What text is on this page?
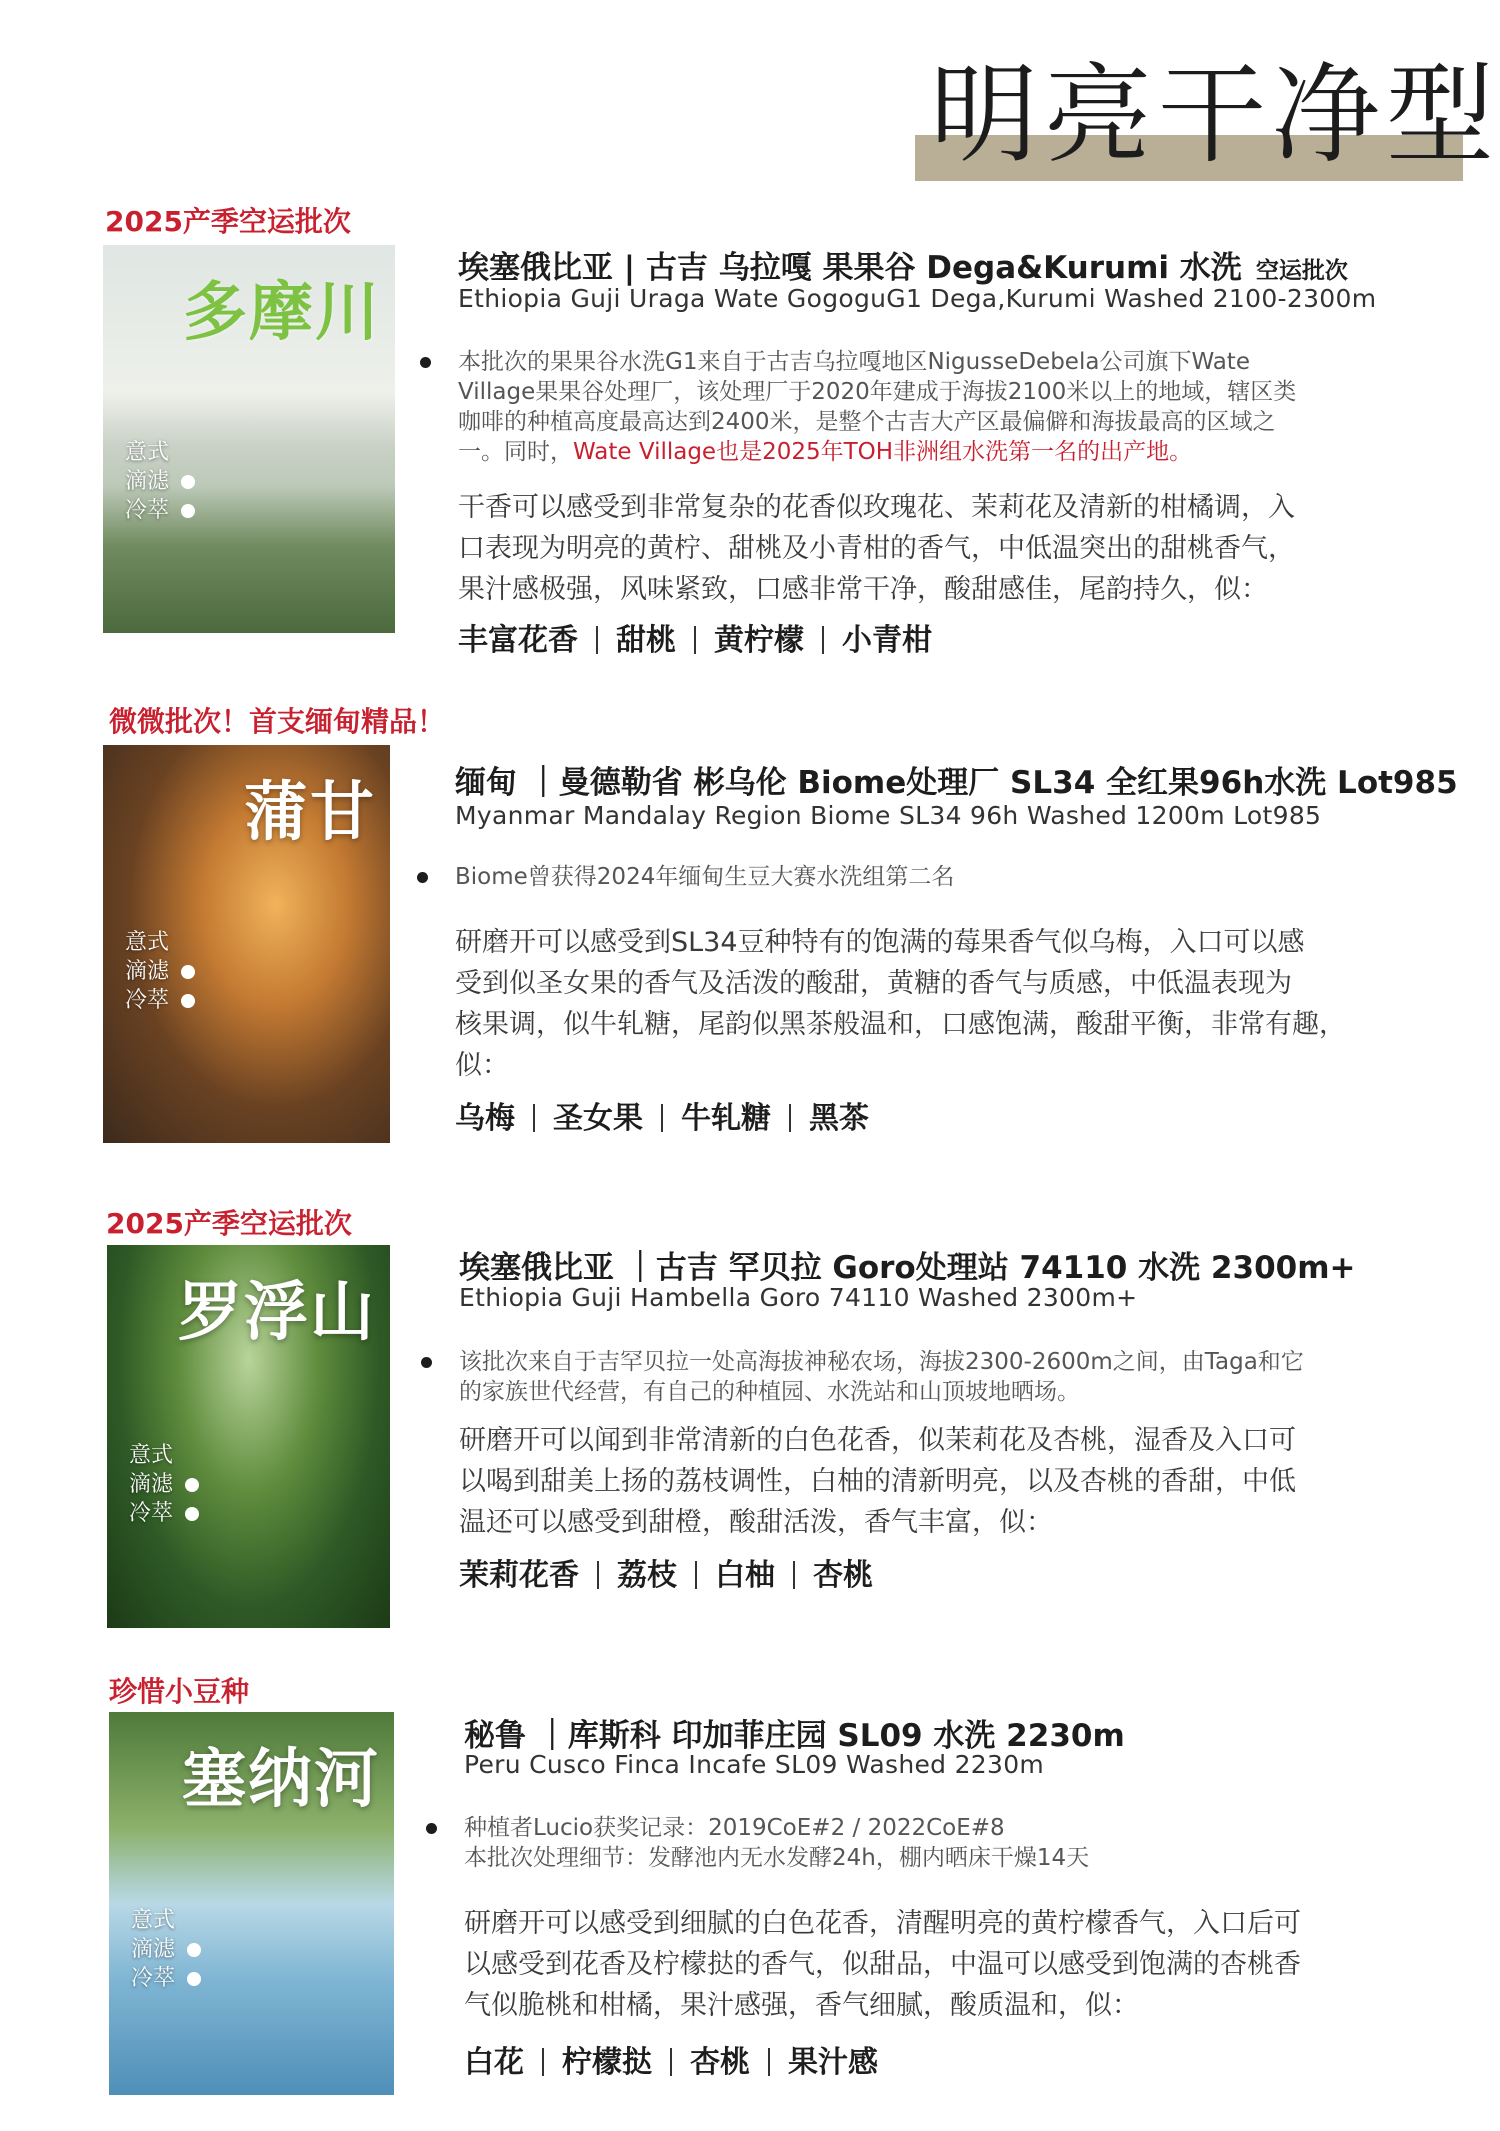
明亮干净型
2025产季空运批次
多摩川
意式
滴滤
冷萃
埃塞俄比亚 | 古吉 乌拉嘎 果果谷 Dega&Kurumi 水洗 空运批次
Ethiopia Guji Uraga Wate GogoguG1 Dega,Kurumi Washed 2100-2300m
本批次的果果谷水洗G1来自于古吉乌拉嘎地区NigusseDebela公司旗下Wate
Village果果谷处理厂，该处理厂于2020年建成于海拔2100米以上的地域，辖区类
咖啡的种植高度最高达到2400米，是整个古吉大产区最偏僻和海拔最高的区域之
一。同时，Wate Village也是2025年TOH非洲组水洗第一名的出产地。
干香可以感受到非常复杂的花香似玫瑰花、茉莉花及清新的柑橘调，入
口表现为明亮的黄柠、甜桃及小青柑的香气，中低温突出的甜桃香气，
果汁感极强，风味紧致，口感非常干净，酸甜感佳，尾韵持久，似：
丰富花香 甜桃 黄柠檬 小青柑
微微批次！首支缅甸精品！
蒲甘
意式
滴滤
冷萃
缅甸 ｜曼德勒省 彬乌伦 Biome处理厂 SL34 全红果96h水洗 Lot985
Myanmar Mandalay Region Biome SL34 96h Washed 1200m Lot985
Biome曾获得2024年缅甸生豆大赛水洗组第二名
研磨开可以感受到SL34豆种特有的饱满的莓果香气似乌梅，入口可以感
受到似圣女果的香气及活泼的酸甜，黄糖的香气与质感，中低温表现为
核果调，似牛轧糖，尾韵似黑茶般温和，口感饱满，酸甜平衡，非常有趣，
似：
乌梅 圣女果 牛轧糖 黑茶
2025产季空运批次
罗浮山
意式
滴滤
冷萃
埃塞俄比亚 ｜古吉 罕贝拉 Goro处理站 74110 水洗 2300m+
Ethiopia Guji Hambella Goro 74110 Washed 2300m+
该批次来自于吉罕贝拉一处高海拔神秘农场，海拔2300-2600m之间，由Taga和它
的家族世代经营，有自己的种植园、水洗站和山顶坡地晒场。
研磨开可以闻到非常清新的白色花香，似茉莉花及杏桃，湿香及入口可
以喝到甜美上扬的荔枝调性，白柚的清新明亮，以及杏桃的香甜，中低
温还可以感受到甜橙，酸甜活泼，香气丰富，似：
茉莉花香 荔枝 白柚 杏桃
珍惜小豆种
塞纳河
意式
滴滤
冷萃
秘鲁 ｜库斯科 印加菲庄园 SL09 水洗 2230m
Peru Cusco Finca Incafe SL09 Washed 2230m
种植者Lucio获奖记录：2019CoE#2 / 2022CoE#8
本批次处理细节：发酵池内无水发酵24h，棚内晒床干燥14天
研磨开可以感受到细腻的白色花香，清醒明亮的黄柠檬香气，入口后可
以感受到花香及柠檬挞的香气，似甜品，中温可以感受到饱满的杏桃香
气似脆桃和柑橘，果汁感强，香气细腻，酸质温和，似：
白花 柠檬挞 杏桃 果汁感
